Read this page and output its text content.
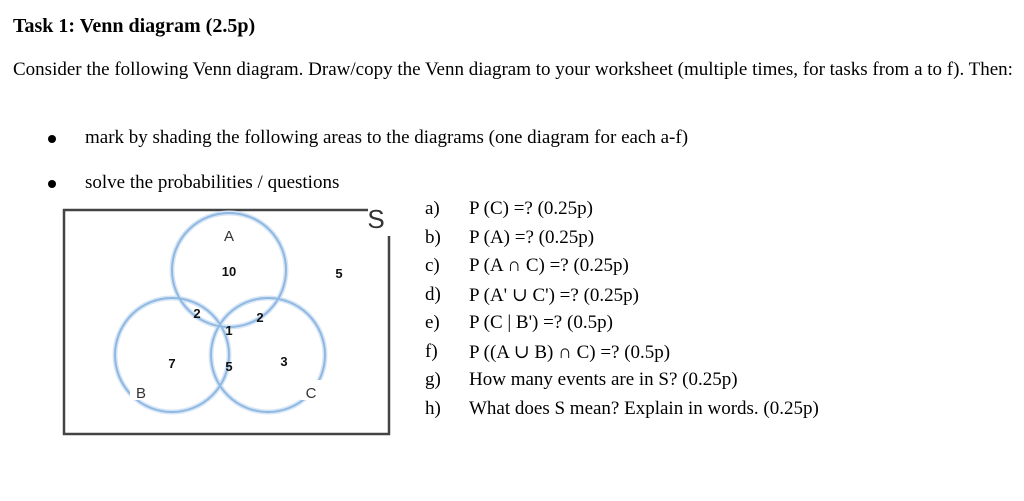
Task 1: Venn diagram (2.5p)
Consider the following Venn diagram. Draw/copy the Venn diagram to your worksheet (multiple times, for tasks from a to f). Then:
mark by shading the following areas to the diagrams (one diagram for each a-f)
solve the probabilities / questions
S
A
B	C
10	5
2	2
1
7	5	3
a) P (C) =? (0.25p)
b) P (A) =? (0.25p)
c) P (A ∩ C) =? (0.25p)
d) P (A' ∪ C') =? (0.25p)
e) P (C | B') =? (0.5p)
f) P ((A ∪ B) ∩ C) =? (0.5p)
g) How many events are in S? (0.25p)
h) What does S mean? Explain in words. (0.25p)
